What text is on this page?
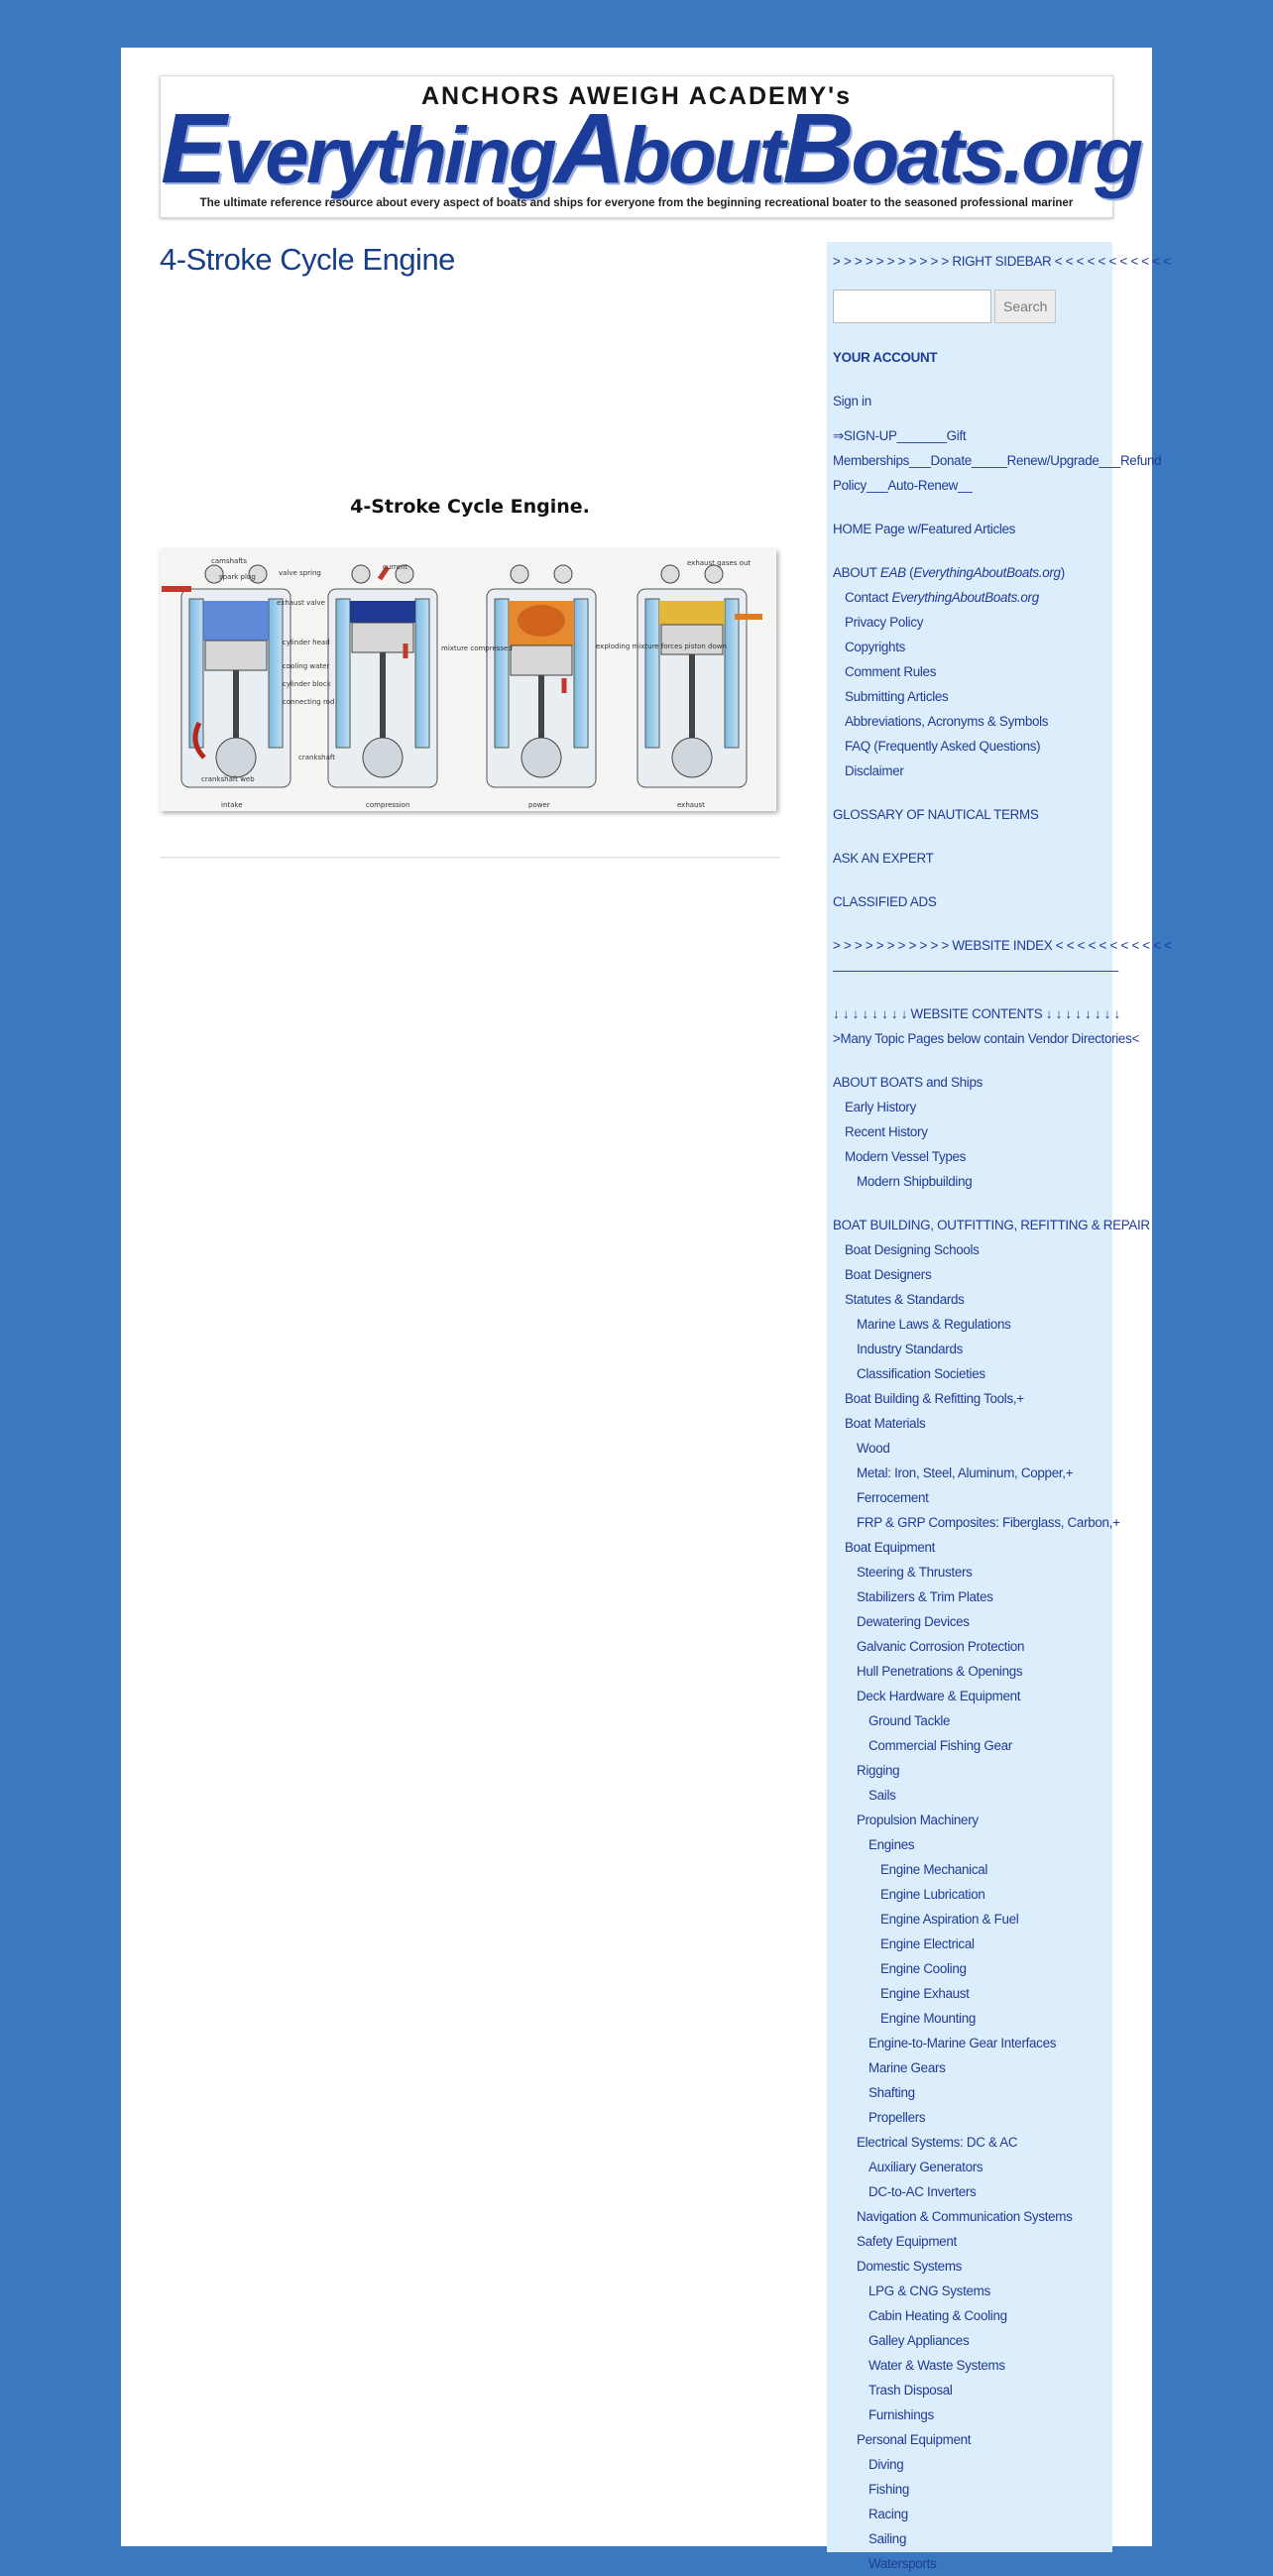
ANCHORS AWEIGH ACADEMY's
EverythingAboutBoats.org
The ultimate reference resource about every aspect of boats and ships for everyone from the beginning recreational boater to the seasoned professional mariner
4-Stroke Cycle Engine
4-Stroke Cycle Engine.
camshafts
spark plug	valve spring
exhaust valve
cylinder head
cooling water
cylinder block
connecting rod
crankshaft
crankshaft web
current
mixture compressed	exploding mixture forces piston down
exhaust gases out
intake	compression	power	exhaust
> > > > > > > > > > > RIGHT SIDEBAR < < < < < < < < < < <
Search
YOUR ACCOUNT
Sign in
⇒SIGN-UP_______Gift Memberships___Donate_____Renew/Upgrade___Refund Policy___Auto-Renew__
HOME Page w/Featured Articles
ABOUT EAB (EverythingAboutBoats.org)
Contact EverythingAboutBoats.org
Privacy Policy
Copyrights
Comment Rules
Submitting Articles
Abbreviations, Acronyms & Symbols
FAQ (Frequently Asked Questions)
Disclaimer
GLOSSARY OF NAUTICAL TERMS
ASK AN EXPERT
CLASSIFIED ADS
> > > > > > > > > > > WEBSITE INDEX < < < < < < < < < < <
——————————————————————
↓ ↓ ↓ ↓ ↓ ↓ ↓ ↓ WEBSITE CONTENTS ↓ ↓ ↓ ↓ ↓ ↓ ↓ ↓
>Many Topic Pages below contain Vendor Directories<
ABOUT BOATS and Ships
Early History
Recent History
Modern Vessel Types
Modern Shipbuilding
BOAT BUILDING, OUTFITTING, REFITTING & REPAIR
Boat Designing Schools
Boat Designers
Statutes & Standards
Marine Laws & Regulations
Industry Standards
Classification Societies
Boat Building & Refitting Tools,+
Boat Materials
Wood
Metal: Iron, Steel, Aluminum, Copper,+
Ferrocement
FRP & GRP Composites: Fiberglass, Carbon,+
Boat Equipment
Steering & Thrusters
Stabilizers & Trim Plates
Dewatering Devices
Galvanic Corrosion Protection
Hull Penetrations & Openings
Deck Hardware & Equipment
Ground Tackle
Commercial Fishing Gear
Rigging
Sails
Propulsion Machinery
Engines
Engine Mechanical
Engine Lubrication
Engine Aspiration & Fuel
Engine Electrical
Engine Cooling
Engine Exhaust
Engine Mounting
Engine-to-Marine Gear Interfaces
Marine Gears
Shafting
Propellers
Electrical Systems: DC & AC
Auxiliary Generators
DC-to-AC Inverters
Navigation & Communication Systems
Safety Equipment
Domestic Systems
LPG & CNG Systems
Cabin Heating & Cooling
Galley Appliances
Water & Waste Systems
Trash Disposal
Furnishings
Personal Equipment
Diving
Fishing
Racing
Sailing
Watersports
